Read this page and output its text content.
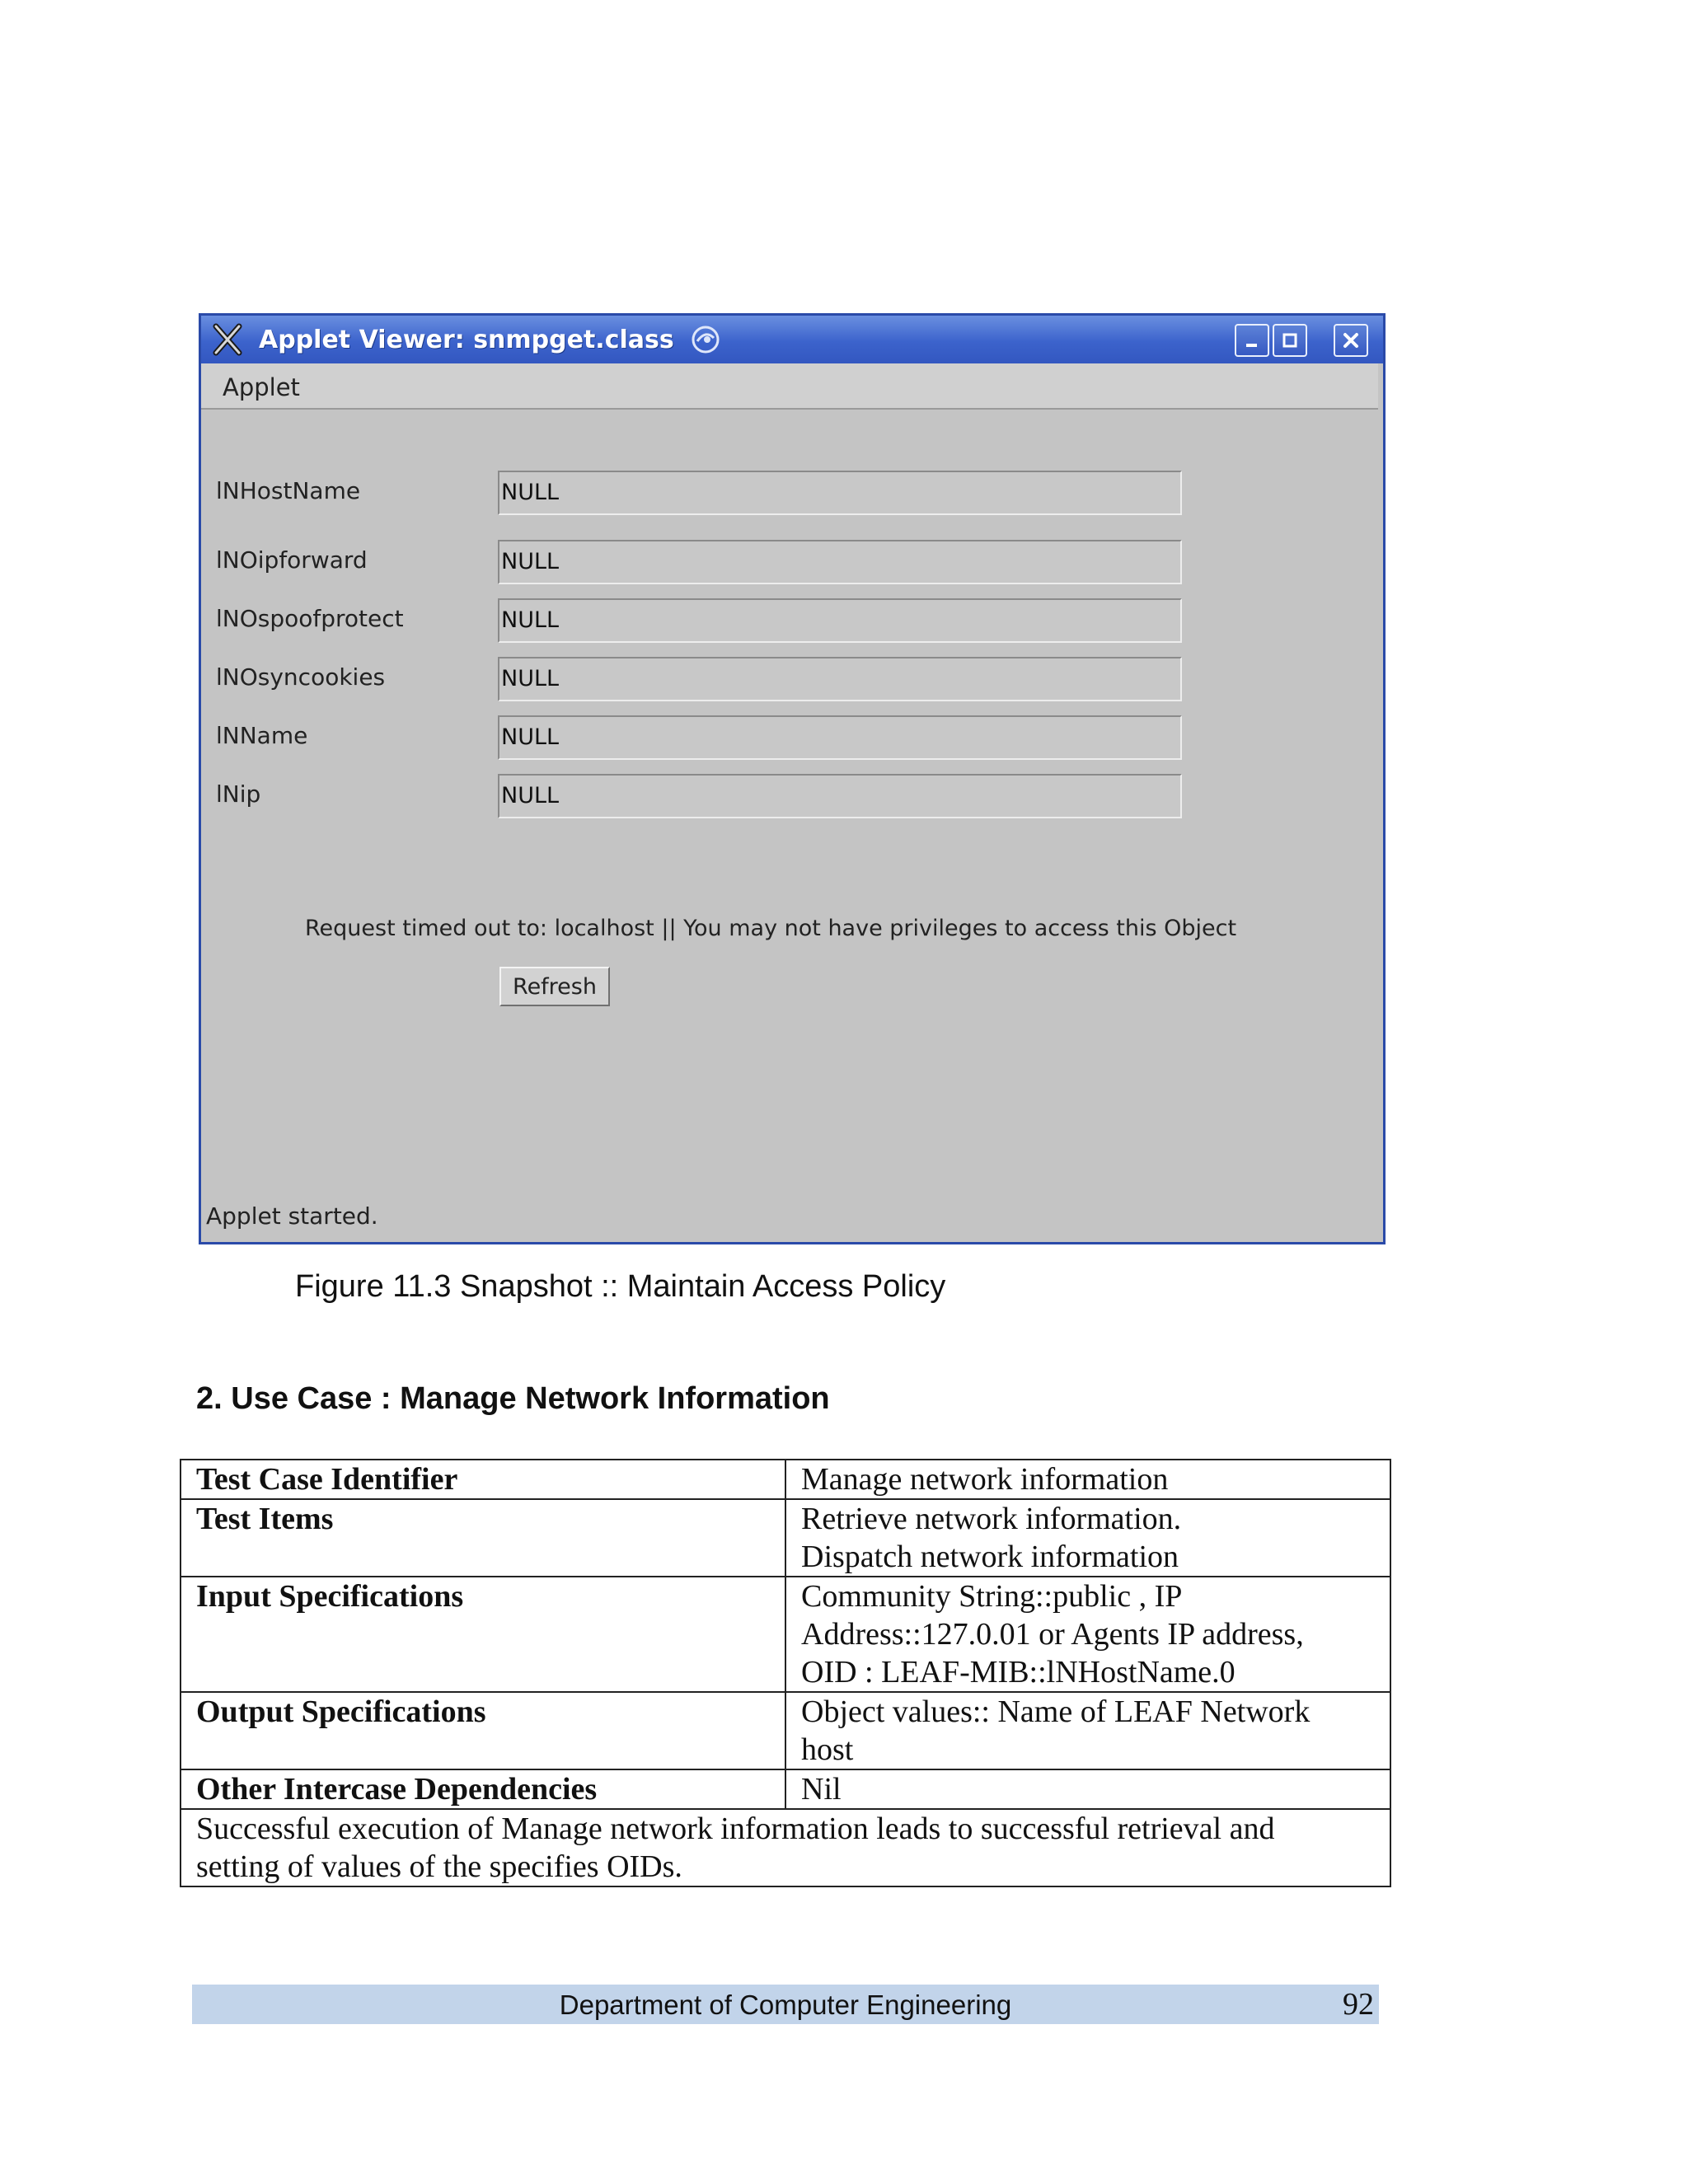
Applet Viewer: snmpget.class
Applet
lNHostName	NULL
lNOipforward	NULL
lNOspoofprotect	NULL
lNOsyncookies	NULL
lNName	NULL
lNip	NULL
Request timed out to: localhost || You may not have privileges to access this Object
Refresh
Applet started.
Figure 11.3 Snapshot :: Maintain Access Policy
2. Use Case : Manage Network Information
Test Case Identifier	Manage network information

Test Items	Retrieve network information.
Dispatch network information

Input Specifications	Community String::public , IP
Address::127.0.01 or Agents IP address,
OID : LEAF-MIB::lNHostName.0

Output Specifications	Object values:: Name of LEAF Network
host

Other Intercase Dependencies	Nil

Successful execution of Manage network information leads to successful retrieval and
setting of values of the specifies OIDs.	
Department of Computer Engineering	92
